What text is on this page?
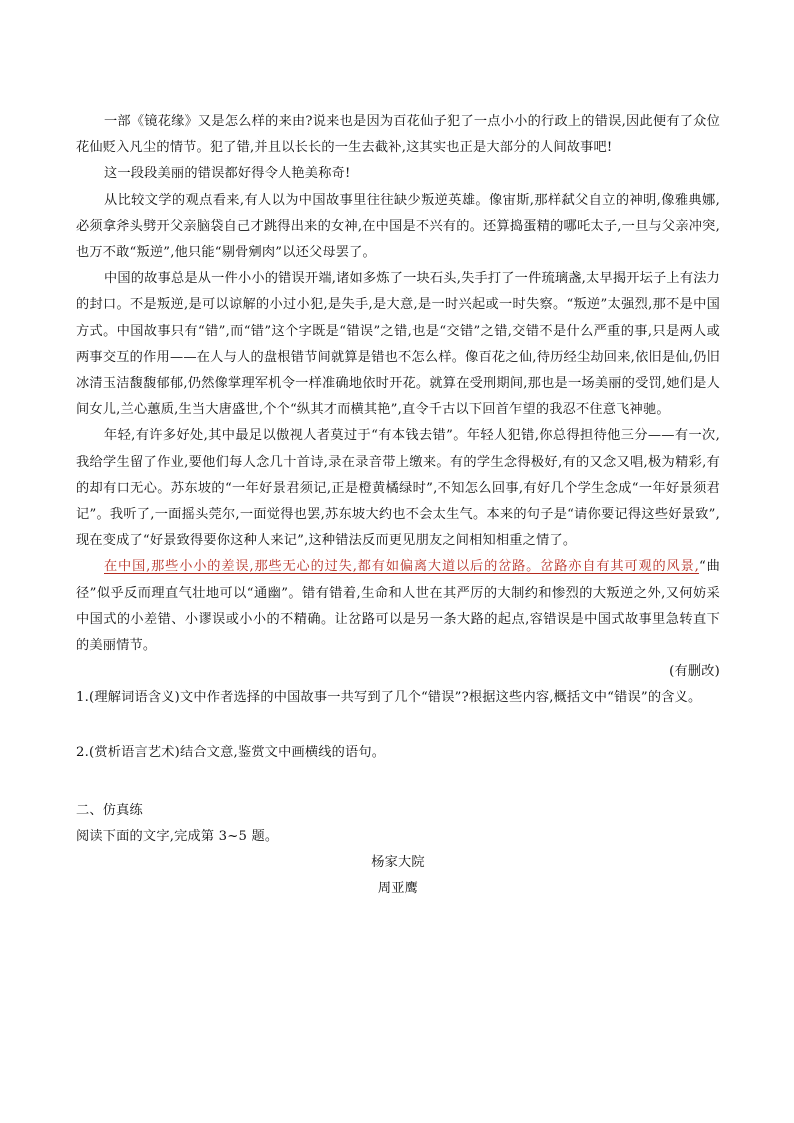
一部《镜花缘》又是怎么样的来由?说来也是因为百花仙子犯了一点小小的行政上的错误,因此便有了众位花仙贬入凡尘的情节。犯了错,并且以长长的一生去截补,这其实也正是大部分的人间故事吧!

这一段段美丽的错误都好得令人艳美称奇!

从比较文学的观点看来,有人以为中国故事里往往缺少叛逆英雄。像宙斯,那样弑父自立的神明,像雅典娜,必须拿斧头劈开父亲脑袋自己才跳得出来的女神,在中国是不兴有的。还算捣蛋精的哪吒太子,一旦与父亲冲突,也万不敢“叛逆”,他只能“剔骨剜肉”以还父母罢了。

中国的故事总是从一件小小的错误开端,诸如多炼了一块石头,失手打了一件琉璃盏,太早揭开坛子上有法力的封口。不是叛逆,是可以谅解的小过小犯,是失手,是大意,是一时兴起或一时失察。“叛逆”太强烈,那不是中国方式。中国故事只有“错”,而“错”这个字既是“错误”之错,也是“交错”之错,交错不是什么严重的事,只是两人或两事交互的作用——在人与人的盘根错节间就算是错也不怎么样。像百花之仙,待历经尘劫回来,依旧是仙,仍旧冰清玉洁馥馥郁郁,仍然像掌理军机令一样准确地依时开花。就算在受刑期间,那也是一场美丽的受罚,她们是人间女儿,兰心蕙质,生当大唐盛世,个个“纵其才而横其艳”,直令千古以下回首乍望的我忍不住意飞神驰。

年轻,有许多好处,其中最足以傲视人者莫过于“有本钱去错”。年轻人犯错,你总得担待他三分——有一次,我给学生留了作业,要他们每人念几十首诗,录在录音带上缴来。有的学生念得极好,有的又念又唱,极为精彩,有的却有口无心。苏东坡的“一年好景君须记,正是橙黄橘绿时”,不知怎么回事,有好几个学生念成“一年好景须君记”。我听了,一面摇头莞尔,一面觉得也罢,苏东坡大约也不会太生气。本来的句子是“请你要记得这些好景致”,现在变成了“好景致得要你这种人来记”,这种错法反而更见朋友之间相知相重之情了。

在中国,那些小小的差误,那些无心的过失,都有如偏离大道以后的岔路。岔路亦自有其可观的风景,“曲径”似乎反而理直气壮地可以“通幽”。错有错着,生命和人世在其严厉的大制约和惨烈的大叛逆之外,又何妨采中国式的小差错、小谬误或小小的不精确。让岔路可以是另一条大路的起点,容错误是中国式故事里急转直下的美丽情节。

(有删改)

1.(理解词语含义)文中作者选择的中国故事一共写到了几个“错误”?根据这些内容,概括文中“错误”的含义。

2.(赏析语言艺术)结合文意,鉴赏文中画横线的语句。

二、仿真练

阅读下面的文字,完成第 3~5 题。

杨家大院

周亚鹰
